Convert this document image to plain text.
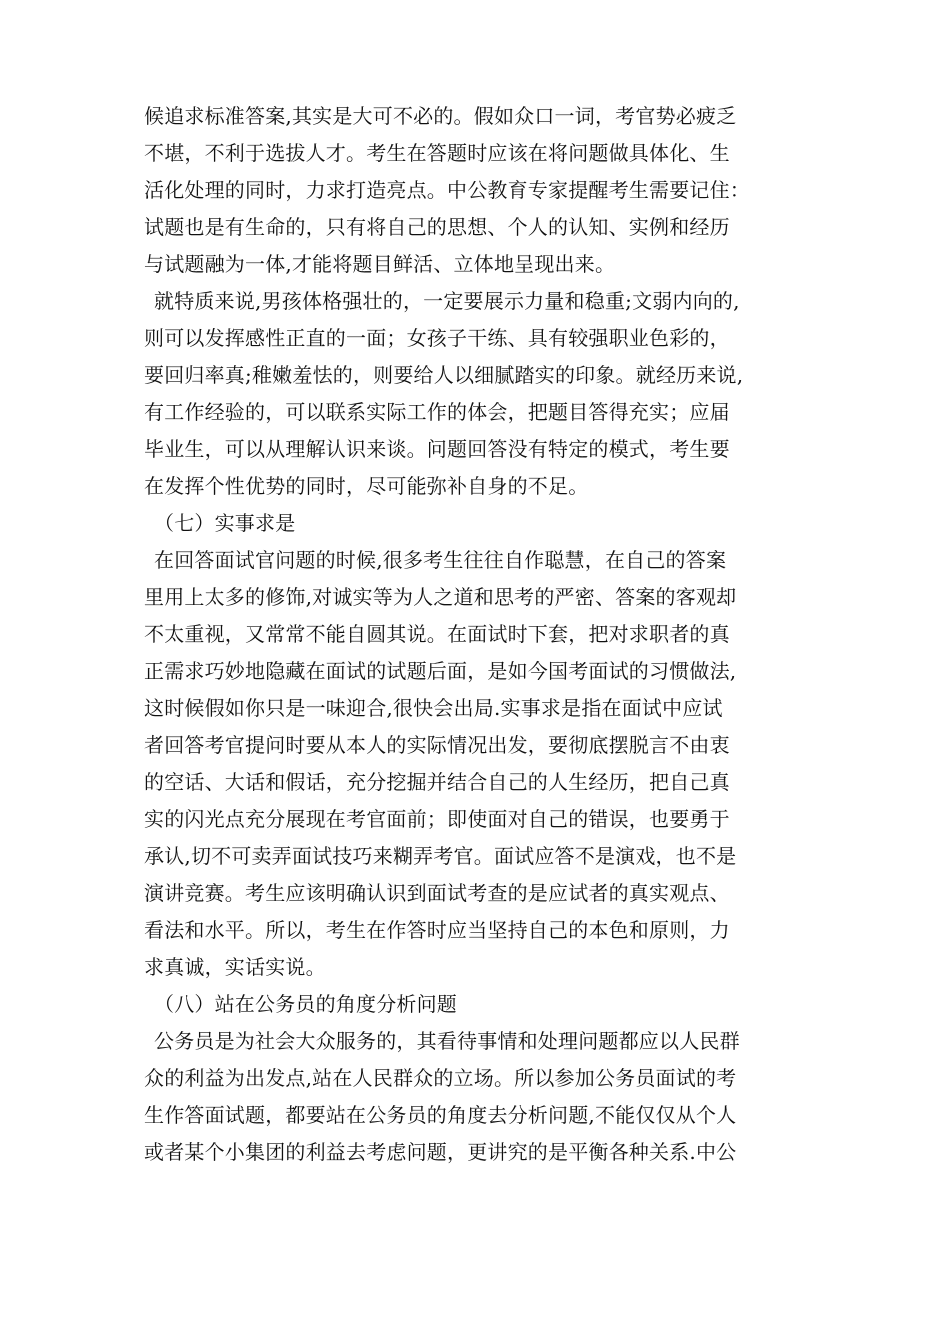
候追求标准答案,其实是大可不必的。假如众口一词，考官势必疲乏
不堪，不利于选拔人才。考生在答题时应该在将问题做具体化、生
活化处理的同时，力求打造亮点。中公教育专家提醒考生需要记住：
试题也是有生命的，只有将自己的思想、个人的认知、实例和经历
与试题融为一体,才能将题目鲜活、立体地呈现出来。
就特质来说,男孩体格强壮的，一定要展示力量和稳重;文弱内向的,
则可以发挥感性正直的一面；女孩子干练、具有较强职业色彩的，
要回归率真;稚嫩羞怯的，则要给人以细腻踏实的印象。就经历来说,
有工作经验的，可以联系实际工作的体会，把题目答得充实；应届
毕业生，可以从理解认识来谈。问题回答没有特定的模式，考生要
在发挥个性优势的同时，尽可能弥补自身的不足。
（七）实事求是
在回答面试官问题的时候,很多考生往往自作聪慧，在自己的答案
里用上太多的修饰,对诚实等为人之道和思考的严密、答案的客观却
不太重视，又常常不能自圆其说。在面试时下套，把对求职者的真
正需求巧妙地隐藏在面试的试题后面，是如今国考面试的习惯做法,
这时候假如你只是一味迎合,很快会出局.实事求是指在面试中应试
者回答考官提问时要从本人的实际情况出发，要彻底摆脱言不由衷
的空话、大话和假话，充分挖掘并结合自己的人生经历，把自己真
实的闪光点充分展现在考官面前；即使面对自己的错误，也要勇于
承认,切不可卖弄面试技巧来糊弄考官。面试应答不是演戏，也不是
演讲竞赛。考生应该明确认识到面试考查的是应试者的真实观点、
看法和水平。所以，考生在作答时应当坚持自己的本色和原则，力
求真诚，实话实说。
（八）站在公务员的角度分析问题
公务员是为社会大众服务的，其看待事情和处理问题都应以人民群
众的利益为出发点,站在人民群众的立场。所以参加公务员面试的考
生作答面试题，都要站在公务员的角度去分析问题,不能仅仅从个人
或者某个小集团的利益去考虑问题，更讲究的是平衡各种关系.中公
